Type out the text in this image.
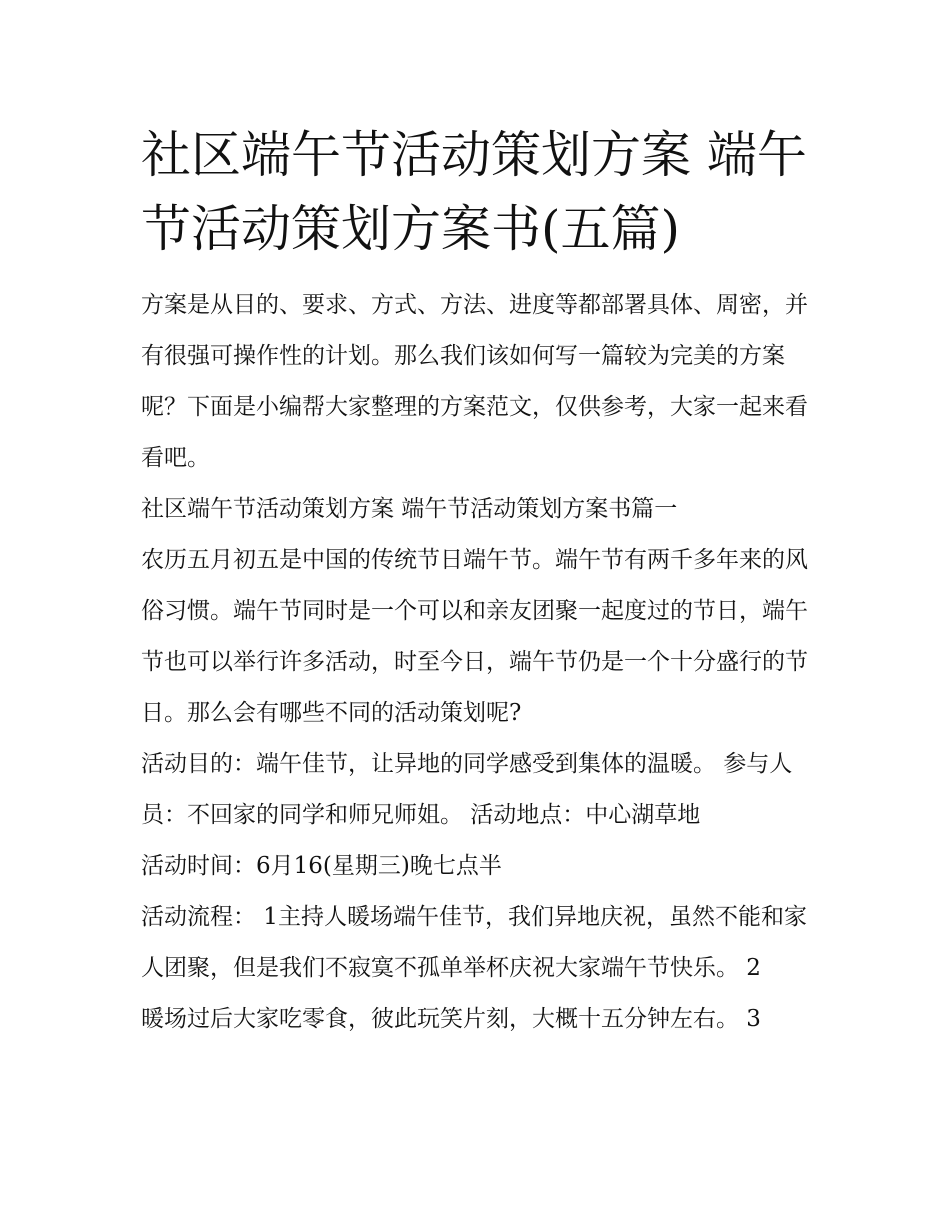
社区端午节活动策划方案 端午节活动策划方案书(五篇)

方案是从目的、要求、方式、方法、进度等都部署具体、周密，并有很强可操作性的计划。那么我们该如何写一篇较为完美的方案呢？下面是小编帮大家整理的方案范文，仅供参考，大家一起来看看吧。

社区端午节活动策划方案 端午节活动策划方案书篇一

农历五月初五是中国的传统节日端午节。端午节有两千多年来的风俗习惯。端午节同时是一个可以和亲友团聚一起度过的节日，端午节也可以举行许多活动，时至今日，端午节仍是一个十分盛行的节日。那么会有哪些不同的活动策划呢?

活动目的：端午佳节，让异地的同学感受到集体的温暖。 参与人员：不回家的同学和师兄师姐。 活动地点：中心湖草地

活动时间：6月16(星期三)晚七点半

活动流程： 1主持人暖场端午佳节，我们异地庆祝，虽然不能和家人团聚，但是我们不寂寞不孤单举杯庆祝大家端午节快乐。 2

暖场过后大家吃零食，彼此玩笑片刻，大概十五分钟左右。 3
